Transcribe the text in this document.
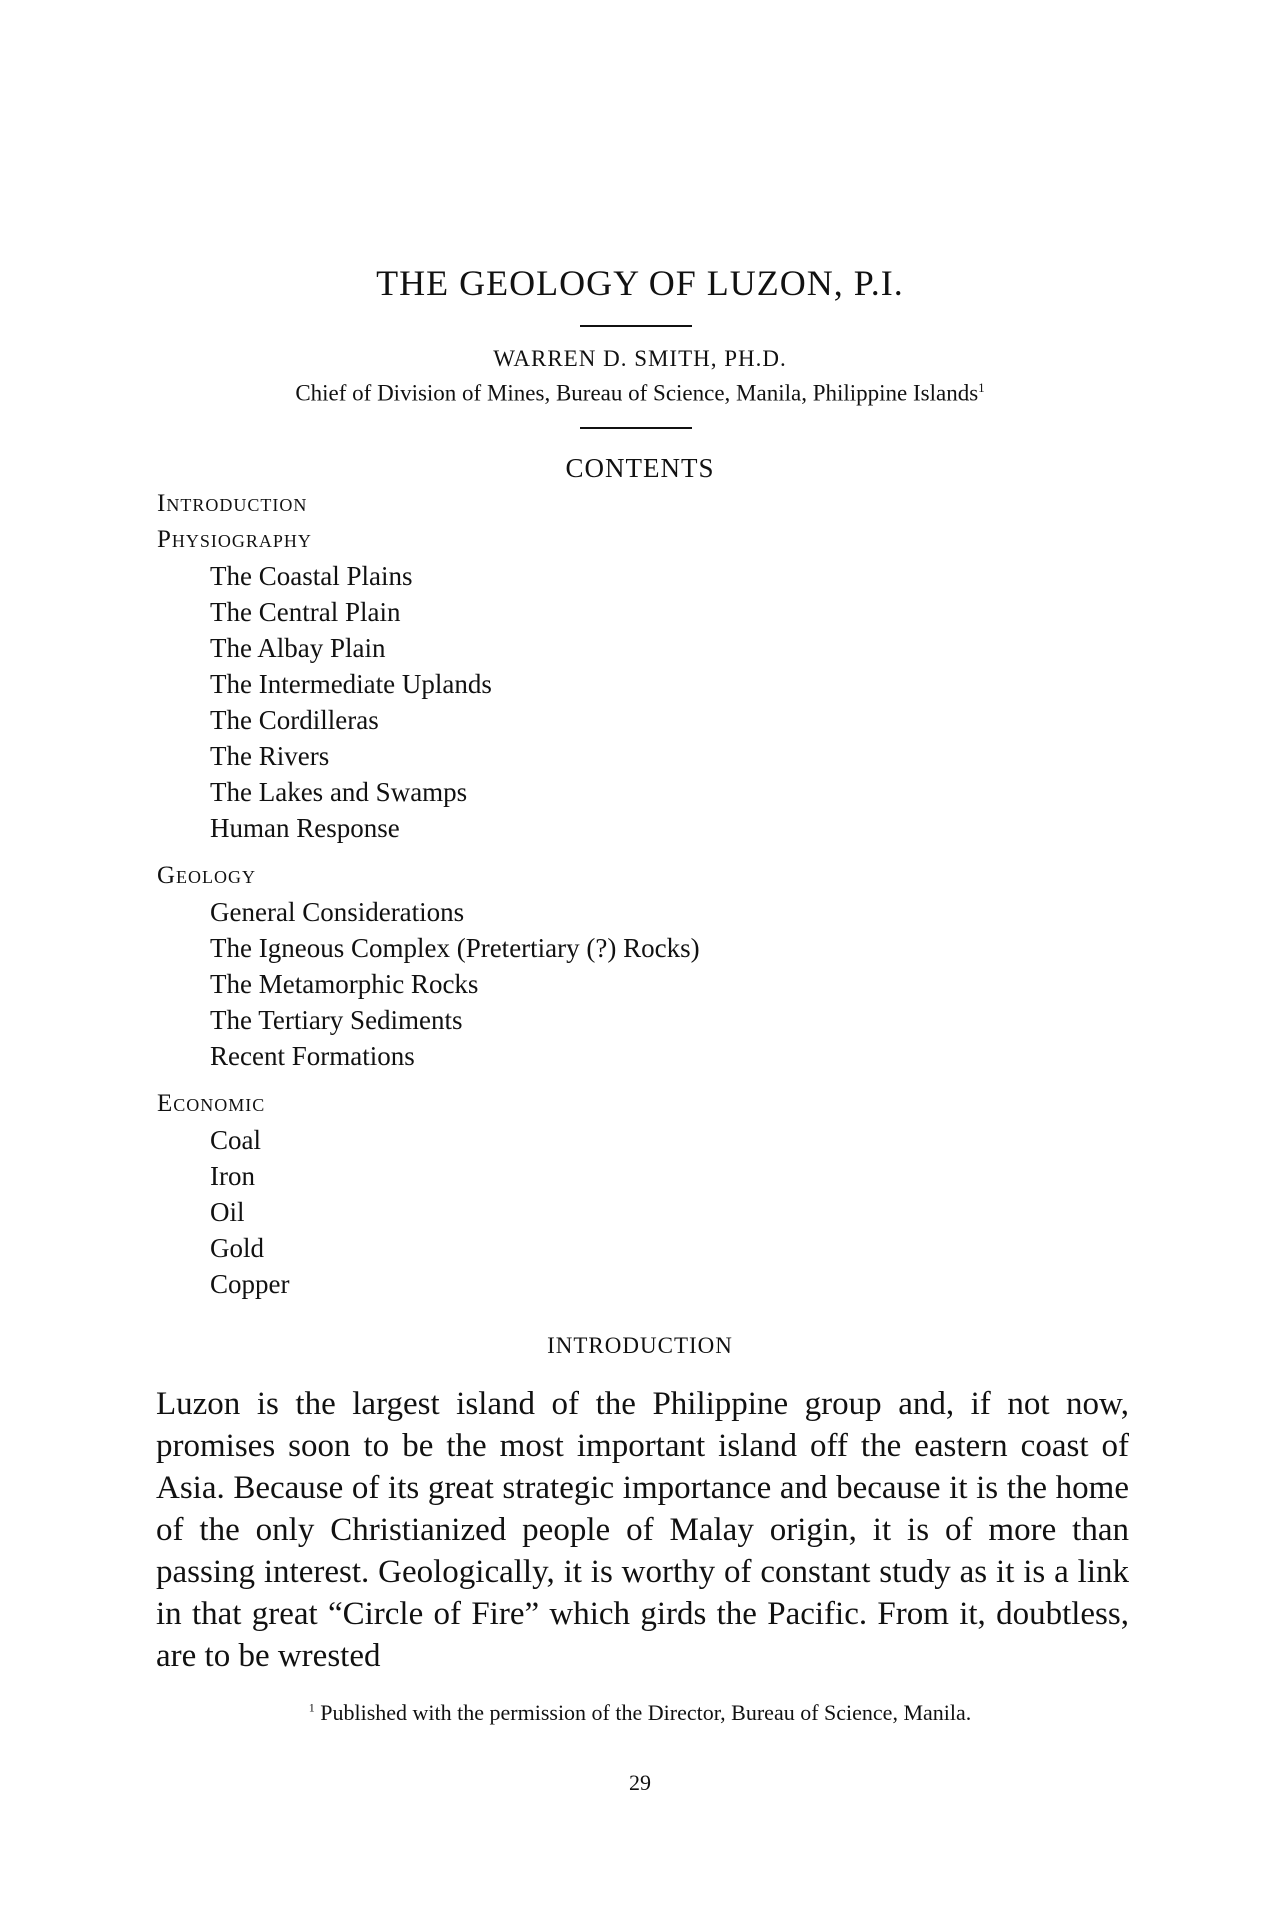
THE GEOLOGY OF LUZON, P.I.
WARREN D. SMITH, PH.D.
Chief of Division of Mines, Bureau of Science, Manila, Philippine Islands$^1$
CONTENTS
Introduction
Physiography
The Coastal Plains
The Central Plain
The Albay Plain
The Intermediate Uplands
The Cordilleras
The Rivers
The Lakes and Swamps
Human Response
Geology
General Considerations
The Igneous Complex (Pretertiary (?) Rocks)
The Metamorphic Rocks
The Tertiary Sediments
Recent Formations
Economic
Coal
Iron
Oil
Gold
Copper
INTRODUCTION

Luzon is the largest island of the Philippine group and, if not now, promises soon to be the most important island off the eastern coast of Asia. Because of its great strategic importance and because it is the home of the only Christianized people of Malay origin, it is of more than passing interest. Geologically, it is worthy of constant study as it is a link in that great “Circle of Fire” which girds the Pacific. From it, doubtless, are to be wrested

$^1$ Published with the permission of the Director, Bureau of Science, Manila.
29
